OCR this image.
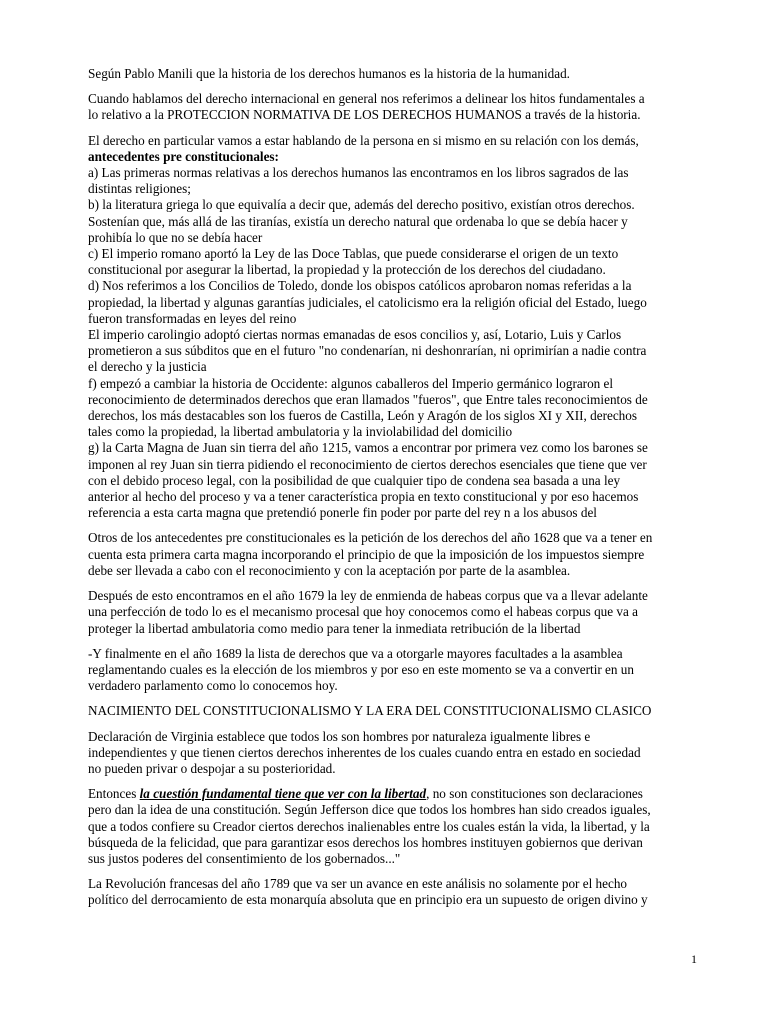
Según Pablo Manili que la historia de los derechos humanos es la historia de la humanidad.

Cuando hablamos del derecho internacional en general nos referimos a delinear los hitos fundamentales a
lo relativo a la PROTECCION NORMATIVA DE LOS DERECHOS HUMANOS a través de la historia.

El derecho en particular vamos a estar hablando de la persona en si mismo en su relación con los demás,
antecedentes pre constitucionales:
a) Las primeras normas relativas a los derechos humanos las encontramos en los libros sagrados de las
distintas religiones;
b) la literatura griega lo que equivalía a decir que, además del derecho positivo, existían otros derechos.
Sostenían que, más allá de las tiranías, existía un derecho natural que ordenaba lo que se debía hacer y
prohibía lo que no se debía hacer
c) El imperio romano aportó la Ley de las Doce Tablas, que puede considerarse el origen de un texto
constitucional por asegurar la libertad, la propiedad y la protección de los derechos del ciudadano.
d) Nos referimos a los Concilios de Toledo, donde los obispos católicos aprobaron nomas referidas a la
propiedad, la libertad y algunas garantías judiciales, el catolicismo era la religión oficial del Estado, luego
fueron transformadas en leyes del reino
El imperio carolingio adoptó ciertas normas emanadas de esos concilios y, así, Lotario, Luis y Carlos
prometieron a sus súbditos que en el futuro "no condenarían, ni deshonrarían, ni oprimirían a nadie contra
el derecho y la justicia
f) empezó a cambiar la historia de Occidente: algunos caballeros del Imperio germánico lograron el
reconocimiento de determinados derechos que eran llamados "fueros", que Entre tales reconocimientos de
derechos, los más destacables son los fueros de Castilla, León y Aragón de los siglos XI y XII, derechos
tales como la propiedad, la libertad ambulatoria y la inviolabilidad del domicilio
g) la Carta Magna de Juan sin tierra del año 1215, vamos a encontrar por primera vez como los barones se
imponen al rey Juan sin tierra pidiendo el reconocimiento de ciertos derechos esenciales que tiene que ver
con el debido proceso legal, con la posibilidad de que cualquier tipo de condena sea basada a una ley
anterior al hecho del proceso y va a tener característica propia en texto constitucional y por eso hacemos
referencia a esta carta magna que pretendió ponerle fin poder por parte del rey n a los abusos del

Otros de los antecedentes pre constitucionales es la petición de los derechos del año 1628 que va a tener en
cuenta esta primera carta magna incorporando el principio de que la imposición de los impuestos siempre
debe ser llevada a cabo con el reconocimiento y con la aceptación por parte de la asamblea.

Después de esto encontramos en el año 1679 la ley de enmienda de habeas corpus que va a llevar adelante
una perfección de todo lo es el mecanismo procesal que hoy conocemos como el habeas corpus que va a
proteger la libertad ambulatoria como medio para tener la inmediata retribución de la libertad

-Y finalmente en el año 1689 la lista de derechos que va a otorgarle mayores facultades a la asamblea
reglamentando cuales es la elección de los miembros y por eso en este momento se va a convertir en un
verdadero parlamento como lo conocemos hoy.

NACIMIENTO DEL CONSTITUCIONALISMO Y LA ERA DEL CONSTITUCIONALISMO CLASICO

Declaración de Virginia establece que todos los son hombres por naturaleza igualmente libres e
independientes y que tienen ciertos derechos inherentes de los cuales cuando entra en estado en sociedad
no pueden privar o despojar a su posterioridad.

Entonces la cuestión fundamental tiene que ver con la libertad, no son constituciones son declaraciones
pero dan la idea de una constitución. Según Jefferson dice que todos los hombres han sido creados iguales,
que a todos confiere su Creador ciertos derechos inalienables entre los cuales están la vida, la libertad, y la
búsqueda de la felicidad, que para garantizar esos derechos los hombres instituyen gobiernos que derivan
sus justos poderes del consentimiento de los gobernados..."

La Revolución francesas del año 1789 que va ser un avance en este análisis no solamente por el hecho
político del derrocamiento de esta monarquía absoluta que en principio era un supuesto de origen divino y

1
